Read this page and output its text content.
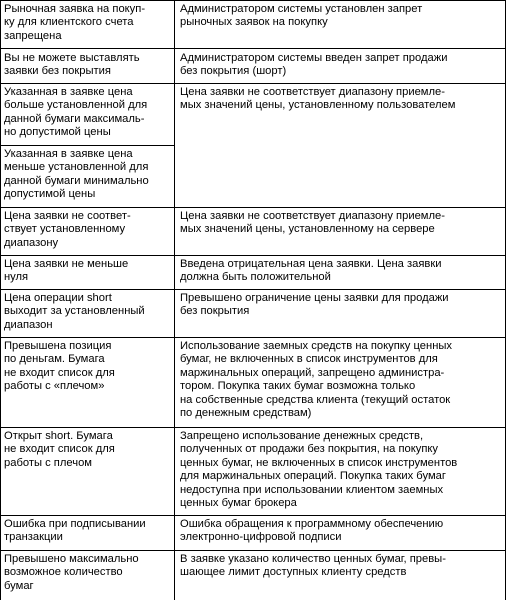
Рыночная заявка на покуп-
ку для клиентского счета
запрещена
Администратором системы установлен запрет
рыночных заявок на покупку
Вы не можете выставлять
заявки без покрытия
Администратором системы введен запрет продажи
без покрытия (шорт)
Указанная в заявке цена
больше установленной для
данной бумаги максималь-
но допустимой цены
Цена заявки не соответствует диапазону приемле-
мых значений цены, установленному пользователем
Указанная в заявке цена
меньше установленной для
данной бумаги минимально
допустимой цены
Цена заявки не соответ-
ствует установленному
диапазону
Цена заявки не соответствует диапазону приемле-
мых значений цены, установленному на сервере
Цена заявки не меньше
нуля
Введена отрицательная цена заявки. Цена заявки
должна быть положительной
Цена операции short
выходит за установленный
диапазон
Превышено ограничение цены заявки для продажи
без покрытия
Превышена позиция
по деньгам. Бумага
не входит список для
работы с «плечом»
Использование заемных средств на покупку ценных
бумаг, не включенных в список инструментов для
маржинальных операций, запрещено администра-
тором. Покупка таких бумаг возможна только
на собственные средства клиента (текущий остаток
по денежным средствам)
Открыт short. Бумага
не входит список для
работы с плечом
Запрещено использование денежных средств,
полученных от продажи без покрытия, на покупку
ценных бумаг, не включенных в список инструментов
для маржинальных операций. Покупка таких бумаг
недоступна при использовании клиентом заемных
ценных бумаг брокера
Ошибка при подписывании
транзакции
Ошибка обращения к программному обеспечению
электронно-цифровой подписи
Превышено максимально
возможное количество
бумаг
В заявке указано количество ценных бумаг, превы-
шающее лимит доступных клиенту средств
